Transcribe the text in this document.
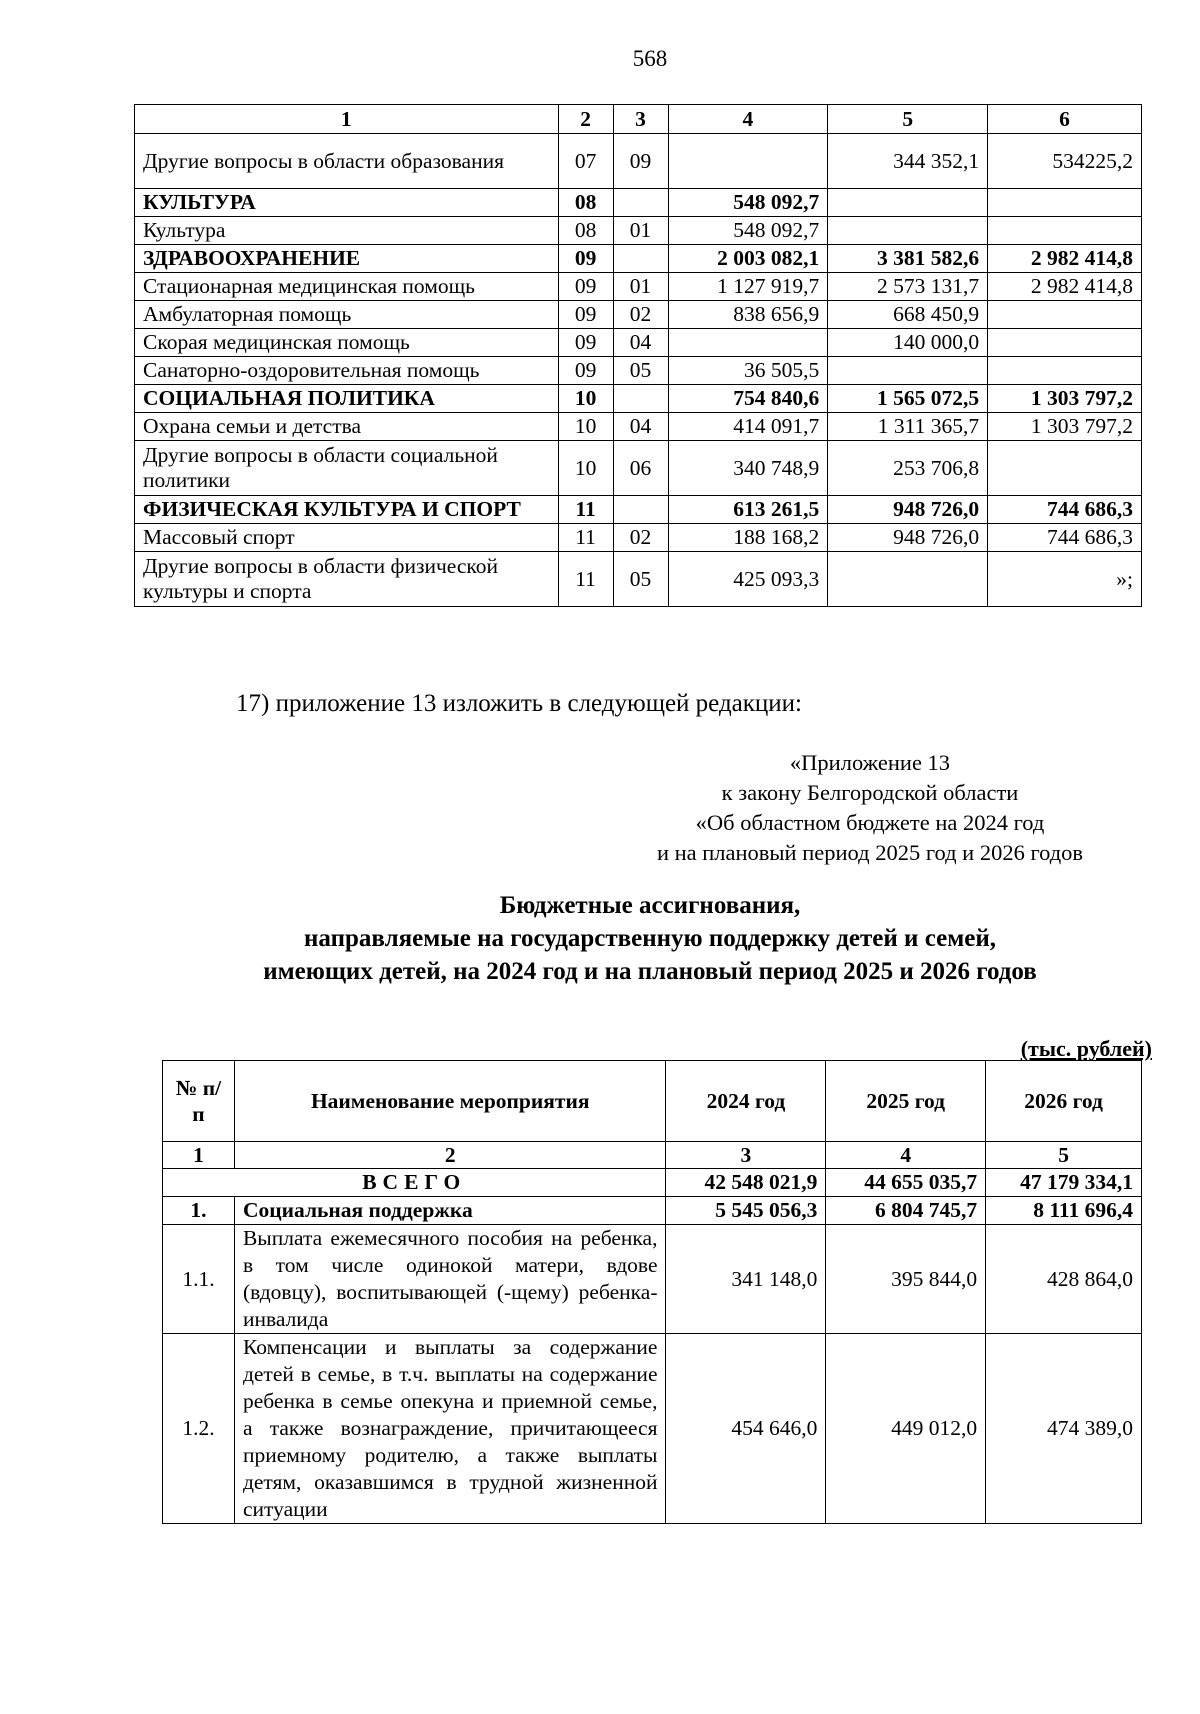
568
1	2	3	4	5	6
Другие вопросы в области образования	07	09		344 352,1	534225,2
КУЛЬТУРА	08		548 092,7		
Культура	08	01	548 092,7		
ЗДРАВООХРАНЕНИЕ	09		2 003 082,1	3 381 582,6	2 982 414,8
Стационарная медицинская помощь	09	01	1 127 919,7	2 573 131,7	2 982 414,8
Амбулаторная помощь	09	02	838 656,9	668 450,9	
Скорая медицинская помощь	09	04		140 000,0	
Санаторно-оздоровительная помощь	09	05	36 505,5		
СОЦИАЛЬНАЯ ПОЛИТИКА	10		754 840,6	1 565 072,5	1 303 797,2
Охрана семьи и детства	10	04	414 091,7	1 311 365,7	1 303 797,2
Другие вопросы в области социальной политики	10	06	340 748,9	253 706,8	
ФИЗИЧЕСКАЯ КУЛЬТУРА И СПОРТ	11		613 261,5	948 726,0	744 686,3
Массовый спорт	11	02	188 168,2	948 726,0	744 686,3
Другие вопросы в области физической культуры и спорта	11	05	425 093,3		»;
17) приложение 13 изложить в следующей редакции:
«Приложение 13
к закону Белгородской области
«Об областном бюджете на 2024 год
и на плановый период 2025 год и 2026 годов
Бюджетные ассигнования,
направляемые на государственную поддержку детей и семей,
имеющих детей, на 2024 год и на плановый период 2025 и 2026 годов
(тыс. рублей)
№ п/п	Наименование мероприятия	2024 год	2025 год	2026 год
1	2	3	4	5
ВСЕГО		42 548 021,9	44 655 035,7	47 179 334,1
1.	Социальная поддержка	5 545 056,3	6 804 745,7	8 111 696,4
1.1.	Выплата ежемесячного пособия на ребенка, в том числе одинокой матери, вдове (вдовцу), воспитывающей (-щему) ребенка-инвалида	341 148,0	395 844,0	428 864,0
1.2.	Компенсации и выплаты за содержание детей в семье, в т.ч. выплаты на содержание ребенка в семье опекуна и приемной семье, а также вознаграждение, причитающееся приемному родителю, а также выплаты детям, оказавшимся в трудной жизненной ситуации	454 646,0	449 012,0	474 389,0
